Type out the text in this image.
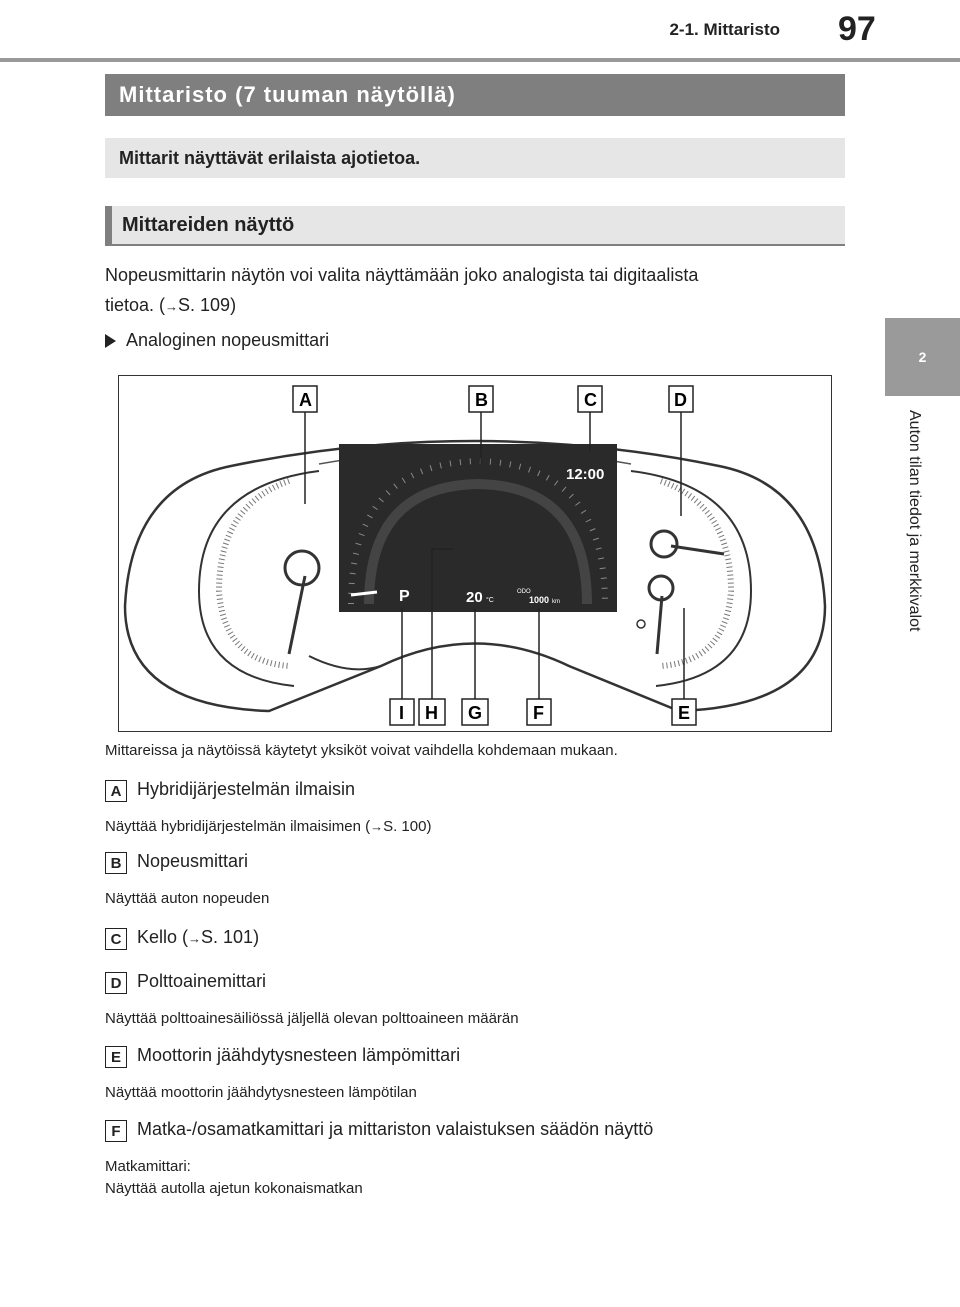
2-1. Mittaristo 97
2
Auton tilan tiedot ja merkkivalot
Mittaristo (7 tuuman näytöllä)
Mittarit näyttävät erilaista ajotietoa.
Mittareiden näyttö
Nopeusmittarin näytön voi valita näyttämään joko analogista tai digitaalista
tietoa. (→S. 109)
Analoginen nopeusmittari
12:00
P	20 °C
ODO
1000 km
A	B	C	D
I H G	F	E
Mittareissa ja näytöissä käytetyt yksiköt voivat vaihdella kohdemaan mukaan.
A Hybridijärjestelmän ilmaisin
Näyttää hybridijärjestelmän ilmaisimen (→S. 100)
B Nopeusmittari
Näyttää auton nopeuden
C Kello (→S. 101)
D Polttoainemittari
Näyttää polttoainesäiliössä jäljellä olevan polttoaineen määrän
E Moottorin jäähdytysnesteen lämpömittari
Näyttää moottorin jäähdytysnesteen lämpötilan
F Matka-/osamatkamittari ja mittariston valaistuksen säädön näyttö
Matkamittari:
Näyttää autolla ajetun kokonaismatkan
